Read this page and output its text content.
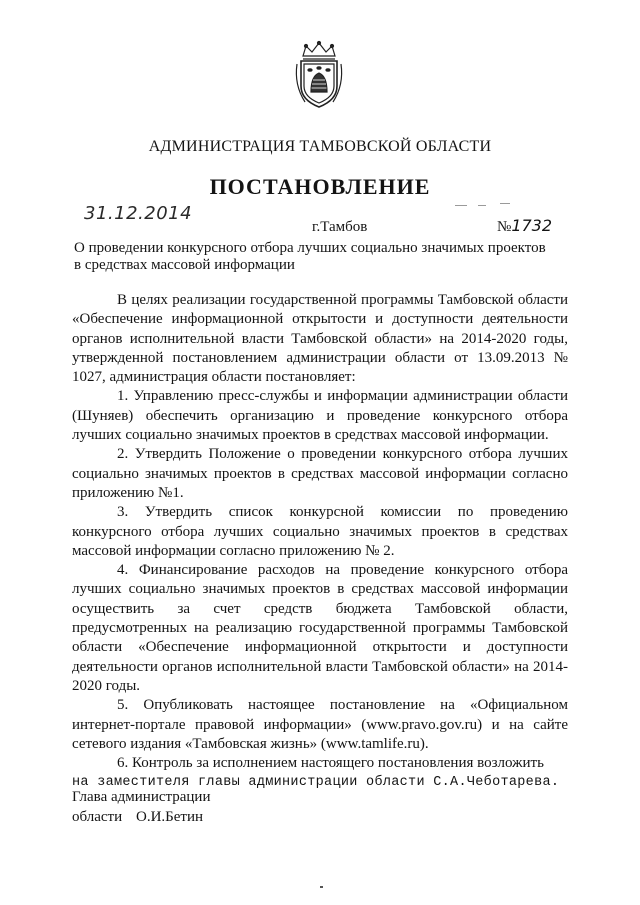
АДМИНИСТРАЦИЯ ТАМБОВСКОЙ ОБЛАСТИ
ПОСТАНОВЛЕНИЕ
31.12.2014
г.Тамбов	№1732
О проведении конкурсного отбора лучших социально значимых проектов
в средствах массовой информации

В целях реализации государственной программы Тамбовской области «Обеспечение информационной открытости и доступности деятельности органов исполнительной власти Тамбовской области» на 2014-2020 годы, утвержденной постановлением администрации области от 13.09.2013 № 1027, администрация области постановляет:

1. Управлению пресс-службы и информации администрации области (Шуняев) обеспечить организацию и проведение конкурсного отбора лучших социально значимых проектов в средствах массовой информации.

2. Утвердить Положение о проведении конкурсного отбора лучших социально значимых проектов в средствах массовой информации согласно приложению №1.

3. Утвердить список конкурсной комиссии по проведению конкурсного отбора лучших социально значимых проектов в средствах массовой информации согласно приложению № 2.

4. Финансирование расходов на проведение конкурсного отбора лучших социально значимых проектов в средствах массовой информации осуществить за счет средств бюджета Тамбовской области, предусмотренных на реализацию государственной программы Тамбовской области «Обеспечение информационной открытости и доступности деятельности органов исполнительной власти Тамбовской области» на 2014-2020 годы.

5. Опубликовать настоящее постановление на «Официальном интернет-портале правовой информации» (www.pravo.gov.ru) и на сайте сетевого издания «Тамбовская жизнь» (www.tamlife.ru).

6. Контроль за исполнением настоящего постановления возложить

на заместителя главы администрации области С.А.Чеботарева.
Глава администрации
области О.И.Бетин
